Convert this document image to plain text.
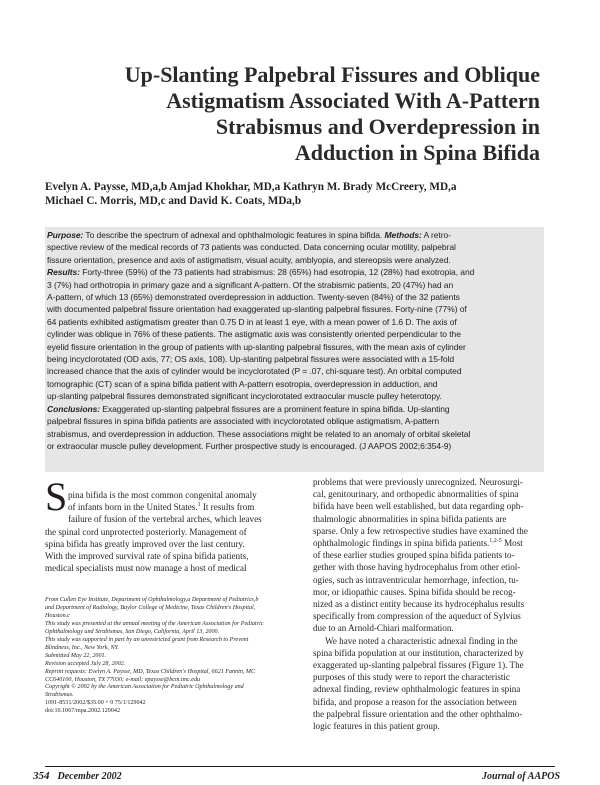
Up-Slanting Palpebral Fissures and Oblique
Astigmatism Associated With A-Pattern
Strabismus and Overdepression in
Adduction in Spina Bifida
Evelyn A. Paysse, MD,a,b Amjad Khokhar, MD,a Kathryn M. Brady McCreery, MD,a
Michael C. Morris, MD,c and David K. Coats, MDa,b
Purpose: To describe the spectrum of adnexal and ophthalmologic features in spina bifida. Methods: A retro-
spective review of the medical records of 73 patients was conducted. Data concerning ocular motility, palpebral
fissure orientation, presence and axis of astigmatism, visual acuity, amblyopia, and stereopsis were analyzed.
Results: Forty-three (59%) of the 73 patients had strabismus: 28 (65%) had esotropia, 12 (28%) had exotropia, and
3 (7%) had orthotropia in primary gaze and a significant A-pattern. Of the strabismic patients, 20 (47%) had an
A-pattern, of which 13 (65%) demonstrated overdepression in adduction. Twenty-seven (84%) of the 32 patients
with documented palpebral fissure orientation had exaggerated up-slanting palpebral fissures. Forty-nine (77%) of
64 patients exhibited astigmatism greater than 0.75 D in at least 1 eye, with a mean power of 1.6 D. The axis of
cylinder was oblique in 76% of these patients. The astigmatic axis was consistently oriented perpendicular to the
eyelid fissure orientation in the group of patients with up-slanting palpebral fissures, with the mean axis of cylinder
being incyclorotated (OD axis, 77; OS axis, 108). Up-slanting palpebral fissures were associated with a 15-fold
increased chance that the axis of cylinder would be incyclorotated (P = .07, chi-square test). An orbital computed
tomographic (CT) scan of a spina bifida patient with A-pattern esotropia, overdepression in adduction, and
up-slanting palpebral fissures demonstrated significant incyclorotated extraocular muscle pulley heterotopy.
Conclusions: Exaggerated up-slanting palpebral fissures are a prominent feature in spina bifida. Up-slanting
palpebral fissures in spina bifida patients are associated with incyclorotated oblique astigmatism, A-pattern
strabismus, and overdepression in adduction. These associations might be related to an anomaly of orbital skeletal
or extraocular muscle pulley development. Further prospective study is encouraged. (J AAPOS 2002;6:354-9)
S pina bifida is the most common congenital anomaly
of infants born in the United States.$^1$ It results from
failure of fusion of the vertebral arches, which leaves
the spinal cord unprotected posteriorly. Management of
spina bifida has greatly improved over the last century.
With the improved survival rate of spina bifida patients,
medical specialists must now manage a host of medical
From Cullen Eye Institute, Department of Ophthalmology,a Department of Pediatrics,b
and Department of Radiology, Baylor College of Medicine, Texas Children's Hospital,
Houston.c
This study was presented at the annual meeting of the American Association for Pediatric
Ophthalmology and Strabismus, San Diego, California, April 13, 2000.
This study was supported in part by an unrestricted grant from Research to Prevent
Blindness, Inc., New York, NY.
Submitted May 22, 2001.
Revision accepted July 28, 2002.
Reprint requests: Evelyn A. Paysse, MD, Texas Children's Hospital, 6621 Fannin, MC
CC640100, Houston, TX 77030; e-mail: epaysse@bcm.tmc.edu
Copyright © 2002 by the American Association for Pediatric Ophthalmology and
Strabismus.
1091-8531/2002/$35.00 + 0 75/1/129042
doi:10.1067/mpa.2002.129042
problems that were previously unrecognized. Neurosurgi-
cal, genitourinary, and orthopedic abnormalities of spina
bifida have been well established, but data regarding oph-
thalmologic abnormalities in spina bifida patients are
sparse. Only a few retrospective studies have examined the
ophthalmologic findings in spina bifida patients.$^{1,2-5}$ Most
of these earlier studies grouped spina bifida patients to-
gether with those having hydrocephalus from other etiol-
ogies, such as intraventricular hemorrhage, infection, tu-
mor, or idiopathic causes. Spina bifida should be recog-
nized as a distinct entity because its hydrocephalus results
specifically from compression of the aqueduct of Sylvius
due to an Arnold-Chiari malformation.
We have noted a characteristic adnexal finding in the
spina bifida population at our institution, characterized by
exaggerated up-slanting palpebral fissures (Figure 1). The
purposes of this study were to report the characteristic
adnexal finding, review ophthalmologic features in spina
bifida, and propose a reason for the association between
the palpebral fissure orientation and the other ophthalmo-
logic features in this patient group.
354 December 2002	Journal of AAPOS
